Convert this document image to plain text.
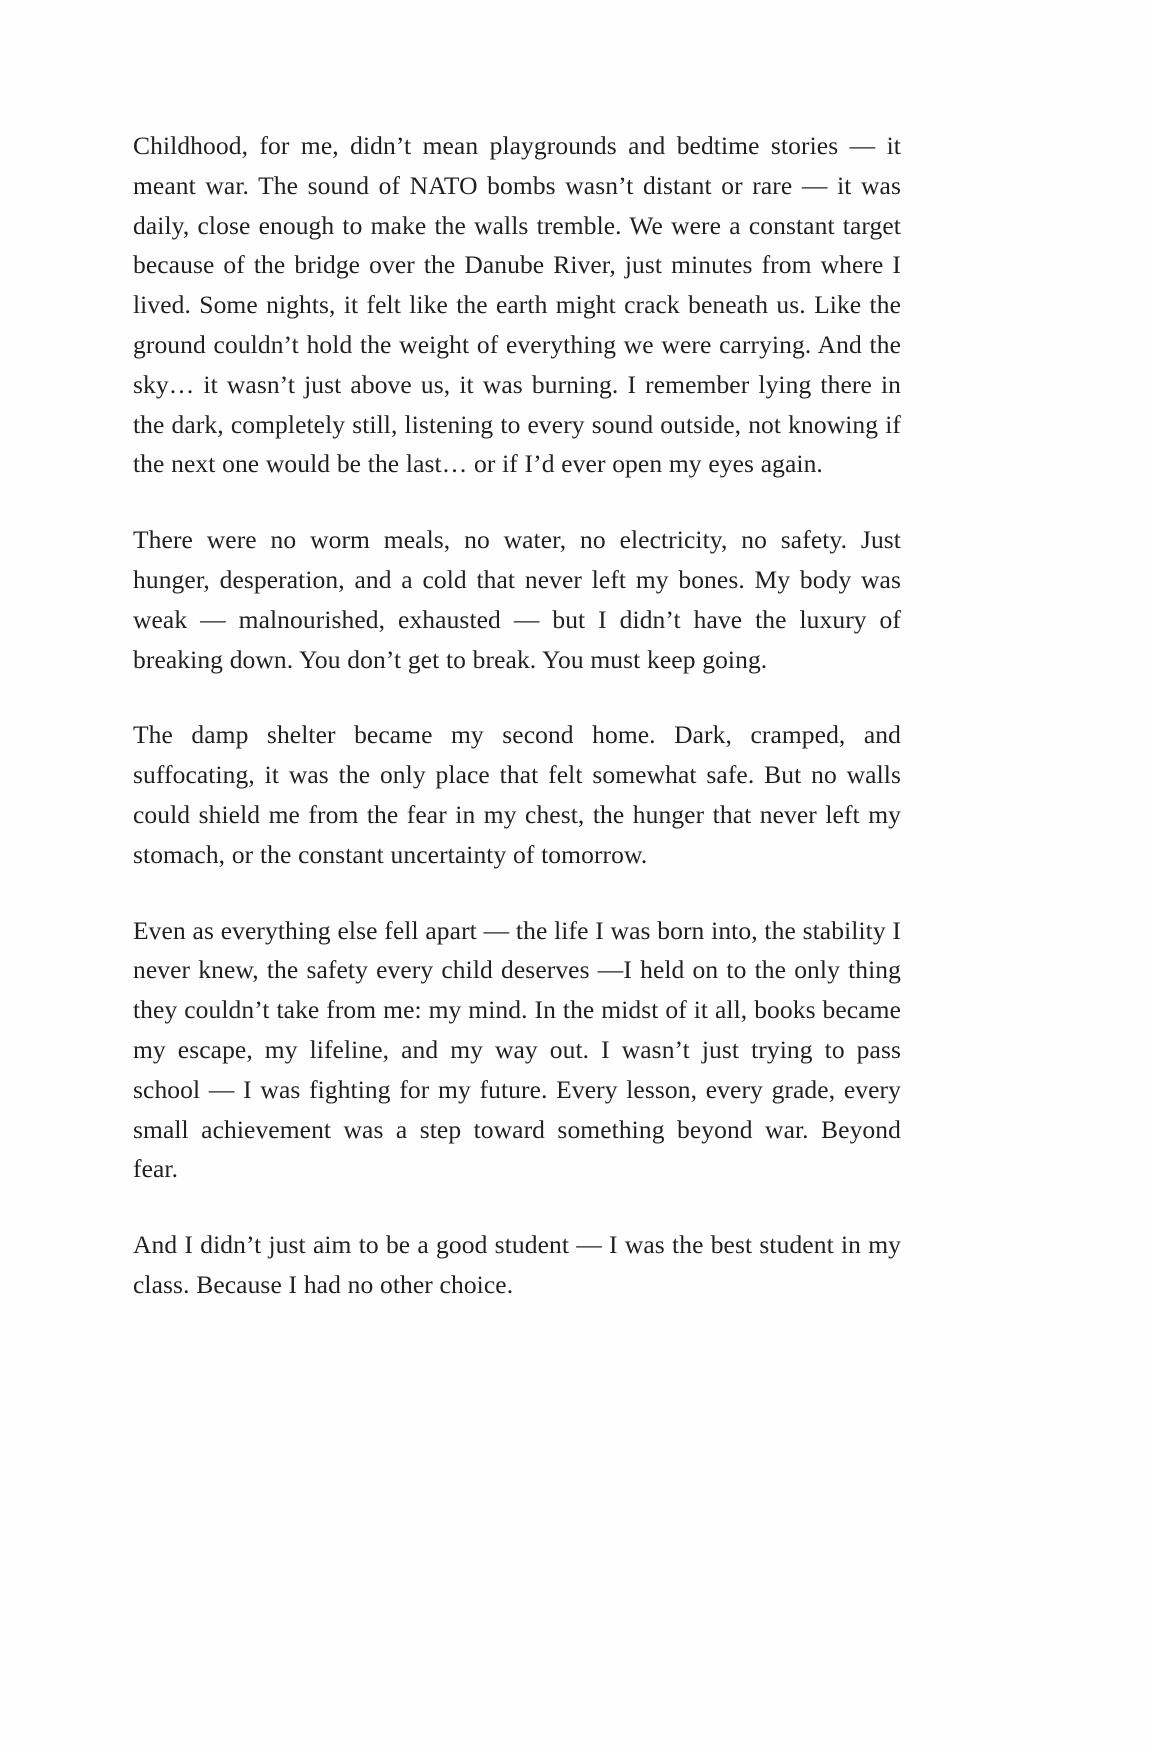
Childhood, for me, didn’t mean playgrounds and bedtime stories — it meant war. The sound of NATO bombs wasn’t distant or rare — it was daily, close enough to make the walls tremble. We were a constant target because of the bridge over the Danube River, just minutes from where I lived. Some nights, it felt like the earth might crack beneath us. Like the ground couldn’t hold the weight of everything we were carrying. And the sky… it wasn’t just above us, it was burning. I remember lying there in the dark, completely still, listening to every sound outside, not knowing if the next one would be the last… or if I’d ever open my eyes again.

There were no worm meals, no water, no electricity, no safety. Just hunger, desperation, and a cold that never left my bones. My body was weak — malnourished, exhausted — but I didn’t have the luxury of breaking down. You don’t get to break. You must keep going.

The damp shelter became my second home. Dark, cramped, and suffocating, it was the only place that felt somewhat safe. But no walls could shield me from the fear in my chest, the hunger that never left my stomach, or the constant uncertainty of tomorrow.

Even as everything else fell apart — the life I was born into, the stability I never knew, the safety every child deserves —I held on to the only thing they couldn’t take from me: my mind. In the midst of it all, books became my escape, my lifeline, and my way out. I wasn’t just trying to pass school — I was fighting for my future. Every lesson, every grade, every small achievement was a step toward something beyond war. Beyond fear.

And I didn’t just aim to be a good student — I was the best student in my class. Because I had no other choice.
